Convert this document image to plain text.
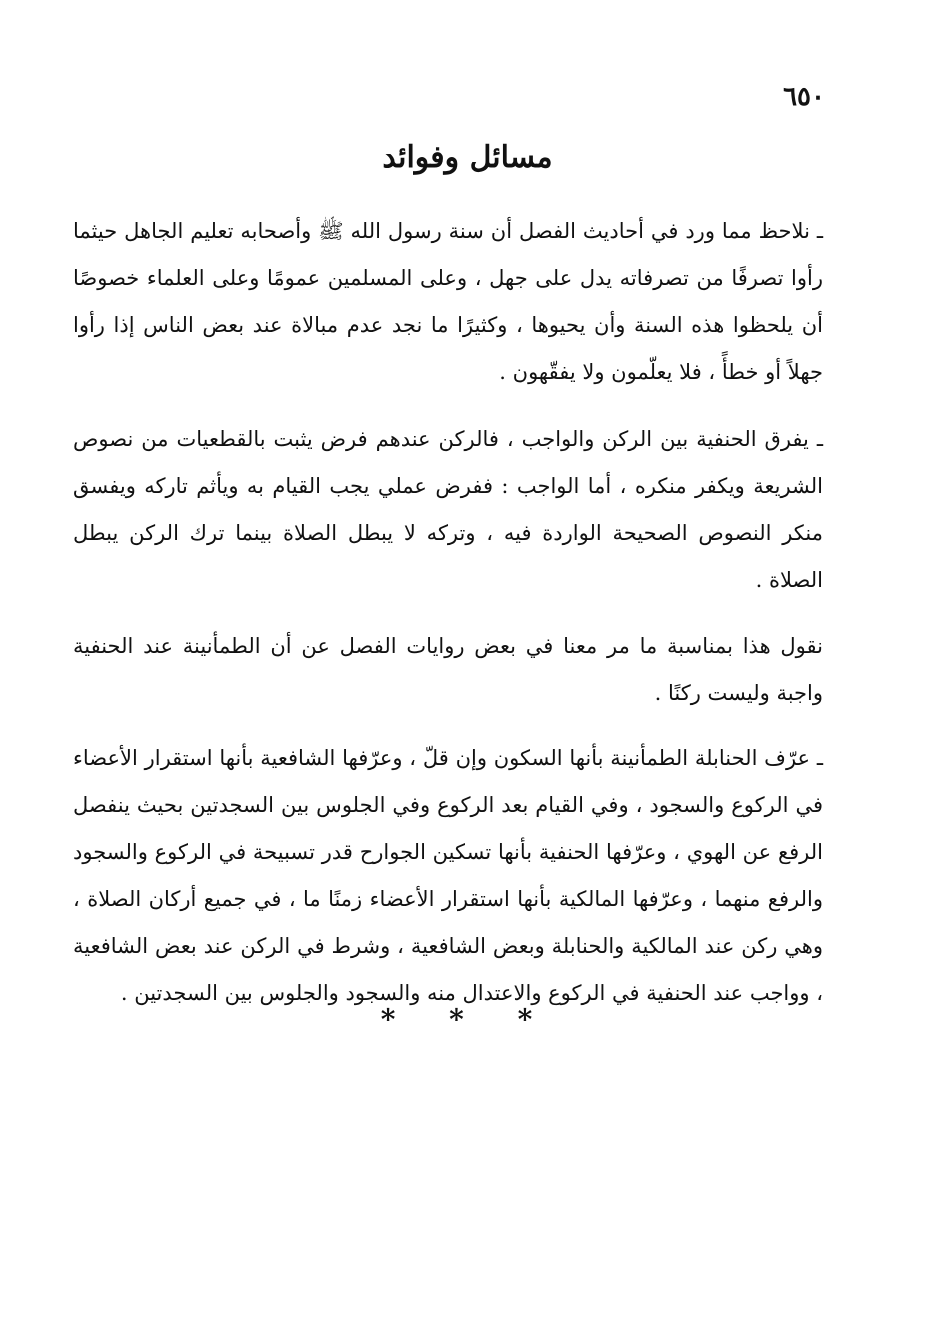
٦٥٠
مسائل وفوائد

ـ نلاحظ مما ورد في أحاديث الفصل أن سنة رسول الله ﷺ وأصحابه تعليم الجاهل حيثما رأوا تصرفًا من تصرفاته يدل على جهل ، وعلى المسلمين عمومًا وعلى العلماء خصوصًا أن يلحظوا هذه السنة وأن يحيوها ، وكثيرًا ما نجد عدم مبالاة عند بعض الناس إذا رأوا جهلاً أو خطأً ، فلا يعلّمون ولا يفقّهون .

ـ يفرق الحنفية بين الركن والواجب ، فالركن عندهم فرض يثبت بالقطعيات من نصوص الشريعة ويكفر منكره ، أما الواجب : ففرض عملي يجب القيام به ويأثم تاركه ويفسق منكر النصوص الصحيحة الواردة فيه ، وتركه لا يبطل الصلاة بينما ترك الركن يبطل الصلاة .

نقول هذا بمناسبة ما مر معنا في بعض روايات الفصل عن أن الطمأنينة عند الحنفية واجبة وليست ركنًا .

ـ عرّف الحنابلة الطمأنينة بأنها السكون وإن قلّ ، وعرّفها الشافعية بأنها استقرار الأعضاء في الركوع والسجود ، وفي القيام بعد الركوع وفي الجلوس بين السجدتين بحيث ينفصل الرفع عن الهوي ، وعرّفها الحنفية بأنها تسكين الجوارح قدر تسبيحة في الركوع والسجود والرفع منهما ، وعرّفها المالكية بأنها استقرار الأعضاء زمنًا ما ، في جميع أركان الصلاة ، وهي ركن عند المالكية والحنابلة وبعض الشافعية ، وشرط في الركن عند بعض الشافعية ، وواجب عند الحنفية في الركوع والاعتدال منه والسجود والجلوس بين السجدتين .

* * *
